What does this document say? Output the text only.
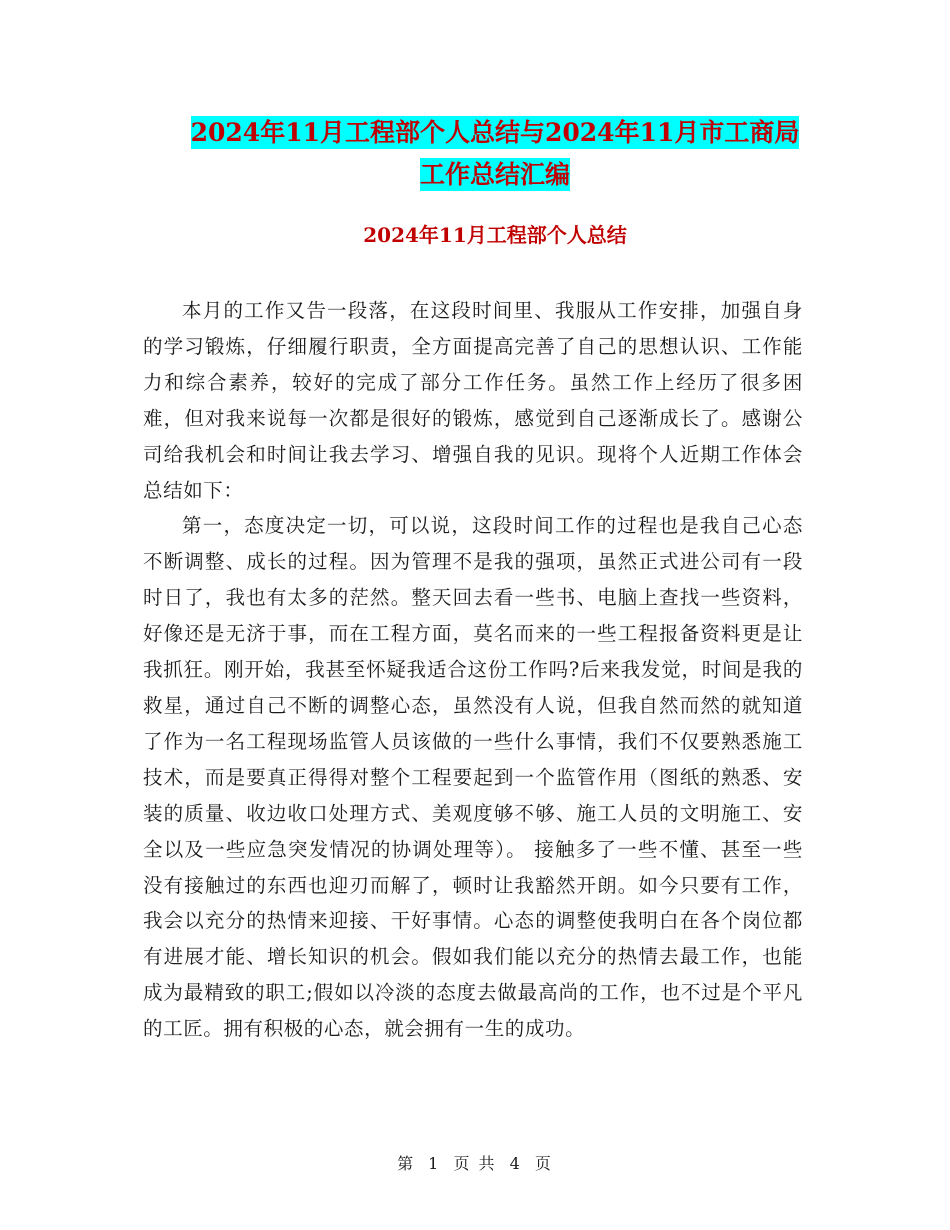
2024年11月工程部个人总结与2024年11月市工商局
工作总结汇编
2024年11月工程部个人总结

本月的工作又告一段落，在这段时间里、我服从工作安排，加强自身的学习锻炼，仔细履行职责，全方面提高完善了自己的思想认识、工作能力和综合素养，较好的完成了部分工作任务。虽然工作上经历了很多困难，但对我来说每一次都是很好的锻炼，感觉到自己逐渐成长了。感谢公司给我机会和时间让我去学习、增强自我的见识。现将个人近期工作体会总结如下：

第一，态度决定一切，可以说，这段时间工作的过程也是我自己心态不断调整、成长的过程。因为管理不是我的强项，虽然正式进公司有一段时日了，我也有太多的茫然。整天回去看一些书、电脑上查找一些资料，好像还是无济于事，而在工程方面，莫名而来的一些工程报备资料更是让我抓狂。刚开始，我甚至怀疑我适合这份工作吗?后来我发觉，时间是我的救星，通过自己不断的调整心态，虽然没有人说，但我自然而然的就知道了作为一名工程现场监管人员该做的一些什么事情，我们不仅要熟悉施工技术，而是要真正得得对整个工程要起到一个监管作用（图纸的熟悉、安装的质量、收边收口处理方式、美观度够不够、施工人员的文明施工、安全以及一些应急突发情况的协调处理等）。 接触多了一些不懂、甚至一些没有接触过的东西也迎刃而解了，顿时让我豁然开朗。如今只要有工作，我会以充分的热情来迎接、干好事情。心态的调整使我明白在各个岗位都有进展才能、增长知识的机会。假如我们能以充分的热情去最工作，也能成为最精致的职工;假如以冷淡的态度去做最高尚的工作，也不过是个平凡的工匠。拥有积极的心态，就会拥有一生的成功。

第 1 页 共 4 页
